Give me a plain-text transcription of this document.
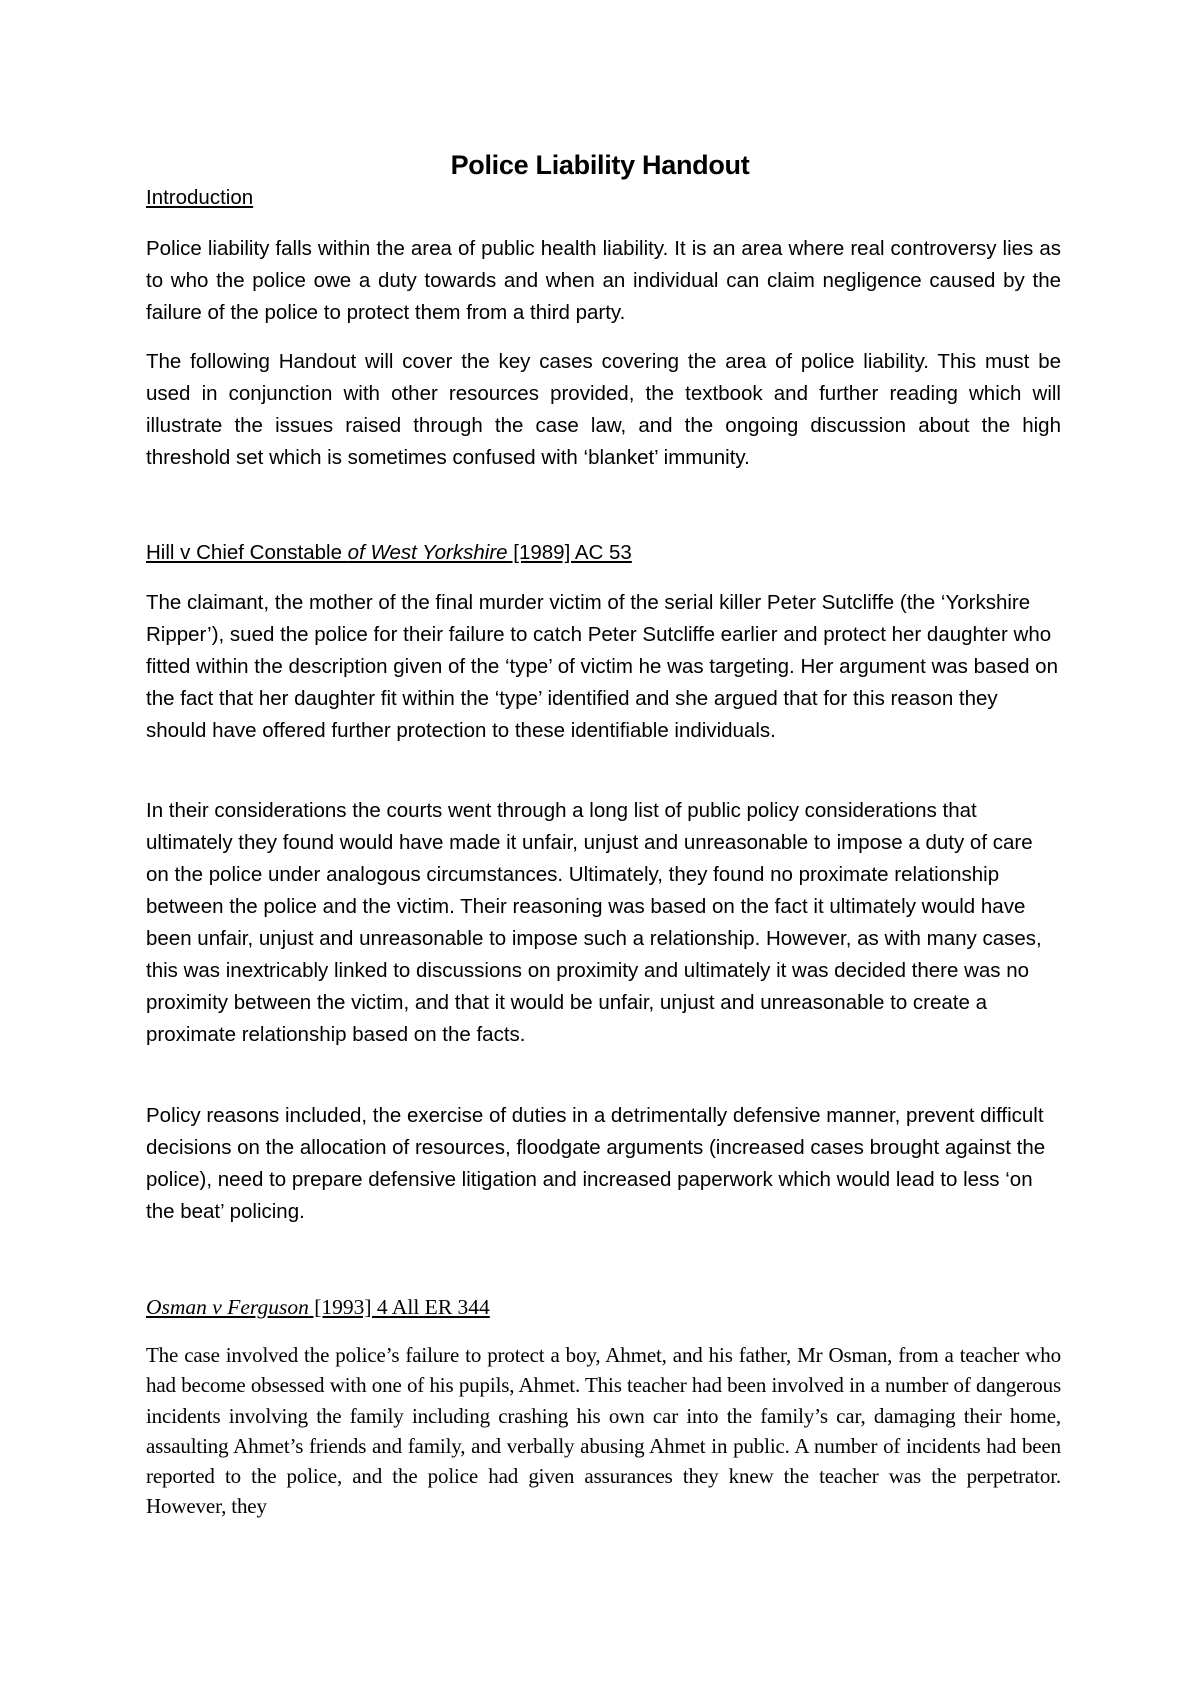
Police Liability Handout
Introduction

Police liability falls within the area of public health liability. It is an area where real controversy lies as to who the police owe a duty towards and when an individual can claim negligence caused by the failure of the police to protect them from a third party.

The following Handout will cover the key cases covering the area of police liability. This must be used in conjunction with other resources provided, the textbook and further reading which will illustrate the issues raised through the case law, and the ongoing discussion about the high threshold set which is sometimes confused with ‘blanket’ immunity.

Hill v Chief Constable of West Yorkshire [1989] AC 53

The claimant, the mother of the final murder victim of the serial killer Peter Sutcliffe (the ‘Yorkshire Ripper’), sued the police for their failure to catch Peter Sutcliffe earlier and protect her daughter who fitted within the description given of the ‘type’ of victim he was targeting. Her argument was based on the fact that her daughter fit within the ‘type’ identified and she argued that for this reason they should have offered further protection to these identifiable individuals.

In their considerations the courts went through a long list of public policy considerations that ultimately they found would have made it unfair, unjust and unreasonable to impose a duty of care on the police under analogous circumstances. Ultimately, they found no proximate relationship between the police and the victim. Their reasoning was based on the fact it ultimately would have been unfair, unjust and unreasonable to impose such a relationship. However, as with many cases, this was inextricably linked to discussions on proximity and ultimately it was decided there was no proximity between the victim, and that it would be unfair, unjust and unreasonable to create a proximate relationship based on the facts.

Policy reasons included, the exercise of duties in a detrimentally defensive manner, prevent difficult decisions on the allocation of resources, floodgate arguments (increased cases brought against the police), need to prepare defensive litigation and increased paperwork which would lead to less ‘on the beat’ policing.

Osman v Ferguson [1993] 4 All ER 344

The case involved the police’s failure to protect a boy, Ahmet, and his father, Mr Osman, from a teacher who had become obsessed with one of his pupils, Ahmet. This teacher had been involved in a number of dangerous incidents involving the family including crashing his own car into the family’s car, damaging their home, assaulting Ahmet’s friends and family, and verbally abusing Ahmet in public. A number of incidents had been reported to the police, and the police had given assurances they knew the teacher was the perpetrator. However, they
